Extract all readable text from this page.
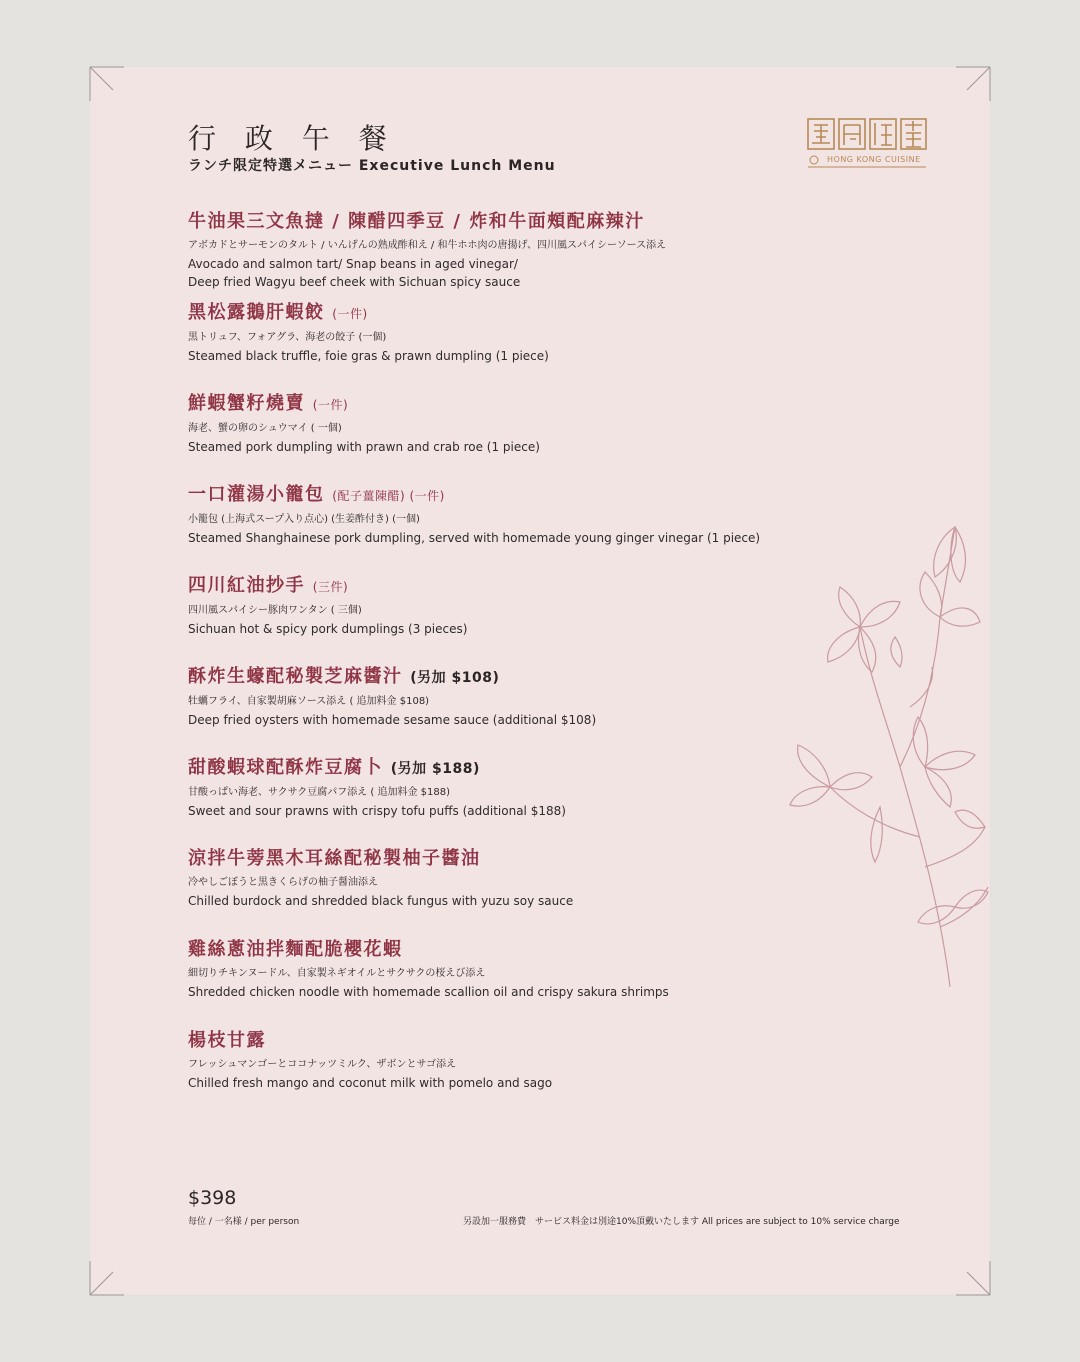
行 政 午 餐
ランチ限定特選メニュー Executive Lunch Menu	HONG KONG CUISINE
牛油果三文魚撻 / 陳醋四季豆 / 炸和牛面頰配麻辣汁
アボカドとサーモンのタルト / いんげんの熟成酢和え / 和牛ホホ肉の唐揚げ、四川風スパイシーソース添え
Avocado and salmon tart/ Snap beans in aged vinegar/
Deep fried Wagyu beef cheek with Sichuan spicy sauce
黑松露鵝肝蝦餃 (一件)
黒トリュフ、フォアグラ、海老の餃子 (一個)
Steamed black truffle, foie gras & prawn dumpling (1 piece)
鮮蝦蟹籽燒賣 (一件)
海老、蟹の卵のシュウマイ ( 一個)
Steamed pork dumpling with prawn and crab roe (1 piece)
一口灌湯小籠包 (配子薑陳醋) (一件)
小籠包 (上海式スープ入り点心) (生姜酢付き) (一個)
Steamed Shanghainese pork dumpling, served with homemade young ginger vinegar (1 piece)
四川紅油抄手 (三件)
四川風スパイシー豚肉ワンタン ( 三個)
Sichuan hot & spicy pork dumplings (3 pieces)
酥炸生蠔配秘製芝麻醬汁 (另加 $108)
牡蠣フライ、自家製胡麻ソース添え ( 追加料金 $108)
Deep fried oysters with homemade sesame sauce (additional $108)
甜酸蝦球配酥炸豆腐卜 (另加 $188)
甘酸っぱい海老、サクサク豆腐パフ添え ( 追加料金 $188)
Sweet and sour prawns with crispy tofu puffs (additional $188)
涼拌牛蒡黑木耳絲配秘製柚子醬油
冷やしごぼうと黒きくらげの柚子醤油添え
Chilled burdock and shredded black fungus with yuzu soy sauce
雞絲蔥油拌麵配脆櫻花蝦
細切りチキンヌードル、自家製ネギオイルとサクサクの桜えび添え
Shredded chicken noodle with homemade scallion oil and crispy sakura shrimps
楊枝甘露
フレッシュマンゴーとココナッツミルク、ザボンとサゴ添え
Chilled fresh mango and coconut milk with pomelo and sago
$398
每位 / 一名様 / per person	另設加一服務費　サービス料金は別途10%頂戴いたします All prices are subject to 10% service charge
